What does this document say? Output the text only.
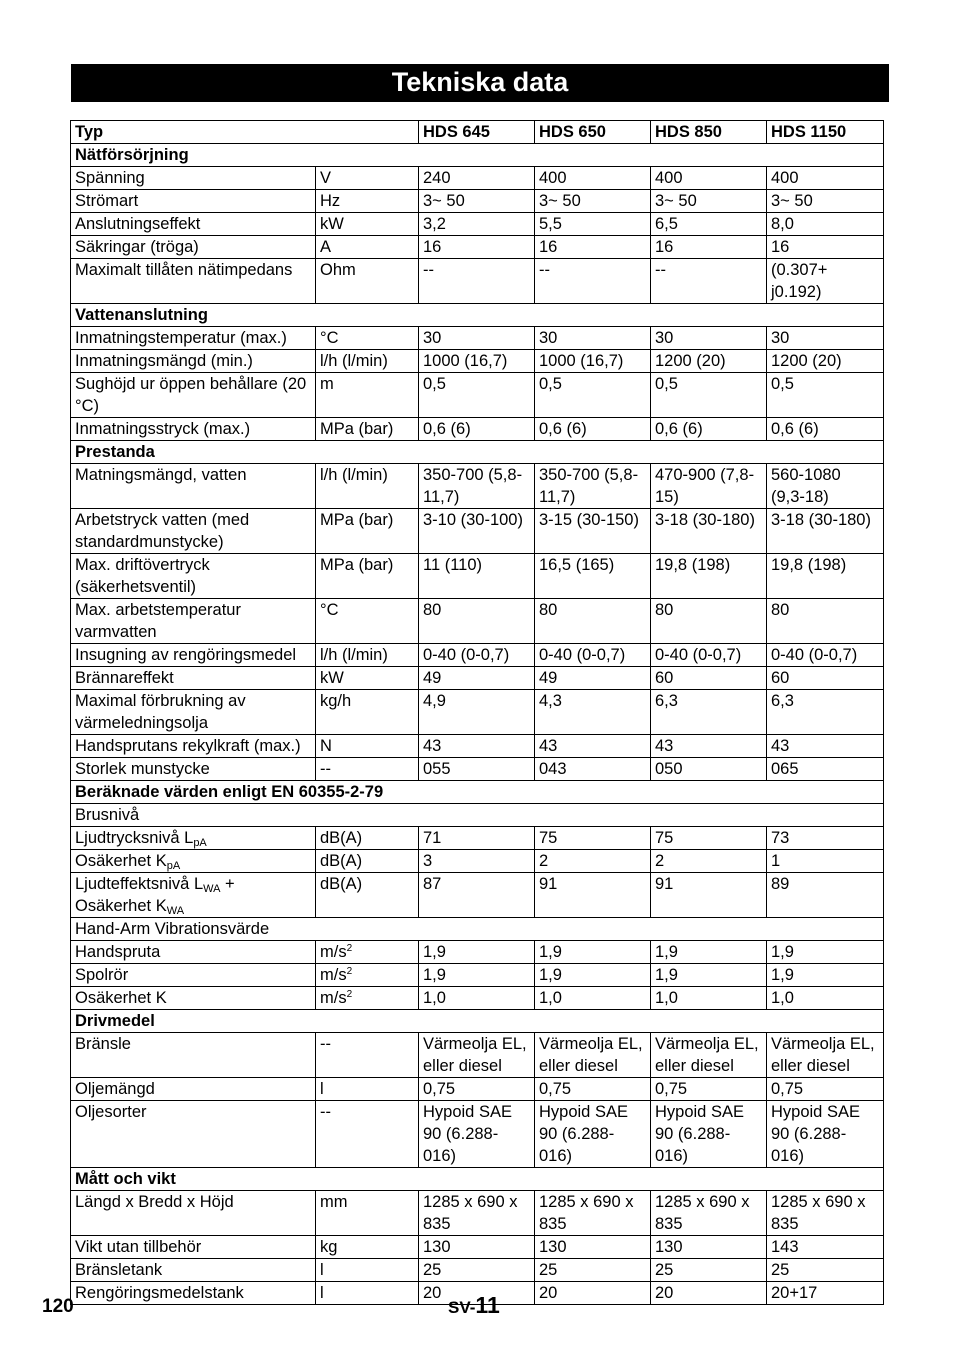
Tekniska data
Typ		HDS 645	HDS 650	HDS 850	HDS 1150
Nätförsörjning					
Spänning	V	240	400	400	400
Strömart	Hz	3~ 50	3~ 50	3~ 50	3~ 50
Anslutningseffekt	kW	3,2	5,5	6,5	8,0
Säkringar (tröga)	A	16	16	16	16
Maximalt tillåten nätimpedans	Ohm	--	--	--	(0.307+ j0.192)
Vattenanslutning					
Inmatningstemperatur (max.)	°C	30	30	30	30
Inmatningsmängd (min.)	l/h (l/min)	1000 (16,7)	1000 (16,7)	1200 (20)	1200 (20)
Sughöjd ur öppen behållare (20 °C)	m	0,5	0,5	0,5	0,5
Inmatningsstryck (max.)	MPa (bar)	0,6 (6)	0,6 (6)	0,6 (6)	0,6 (6)
Prestanda					
Matningsmängd, vatten	l/h (l/min)	350-700 (5,8-11,7)	350-700 (5,8-11,7)	470-900 (7,8-15)	560-1080 (9,3-18)
Arbetstryck vatten (med standardmunstycke)	MPa (bar)	3-10 (30-100)	3-15 (30-150)	3-18 (30-180)	3-18 (30-180)
Max. driftövertryck (säkerhetsventil)	MPa (bar)	11 (110)	16,5 (165)	19,8 (198)	19,8 (198)
Max. arbetstemperatur varmvatten	°C	80	80	80	80
Insugning av rengöringsmedel	l/h (l/min)	0-40 (0-0,7)	0-40 (0-0,7)	0-40 (0-0,7)	0-40 (0-0,7)
Brännareffekt	kW	49	49	60	60
Maximal förbrukning av värmeledningsolja	kg/h	4,9	4,3	6,3	6,3
Handsprutans rekylkraft (max.)	N	43	43	43	43
Storlek munstycke	--	055	043	050	065
Beräknade värden enligt EN 60355-2-79					
Brusnivå					
Ljudtrycksnivå $L_{pA}$	dB(A)	71	75	75	73
Osäkerhet $K_{pA}$	dB(A)	3	2	2	1
Ljudteffektsnivå $L_{WA}$ + Osäkerhet $K_{WA}$	dB(A)	87	91	91	89
Hand-Arm Vibrationsvärde					
Handspruta	$m/s^2$	1,9	1,9	1,9	1,9
Spolrör	$m/s^2$	1,9	1,9	1,9	1,9
Osäkerhet K	$m/s^2$	1,0	1,0	1,0	1,0
Drivmedel					
Bränsle	--	Värmeolja EL, eller diesel	Värmeolja EL, eller diesel	Värmeolja EL, eller diesel	Värmeolja EL, eller diesel
Oljemängd	l	0,75	0,75	0,75	0,75
Oljesorter	--	Hypoid SAE 90 (6.288-016)	Hypoid SAE 90 (6.288-016)	Hypoid SAE 90 (6.288-016)	Hypoid SAE 90 (6.288-016)
Mått och vikt					
Längd x Bredd x Höjd	mm	1285 x 690 x 835	1285 x 690 x 835	1285 x 690 x 835	1285 x 690 x 835
Vikt utan tillbehör	kg	130	130	130	143
Bränsletank	l	25	25	25	25
Rengöringsmedelstank	l	20	20	20	20+17
120	SV-11
